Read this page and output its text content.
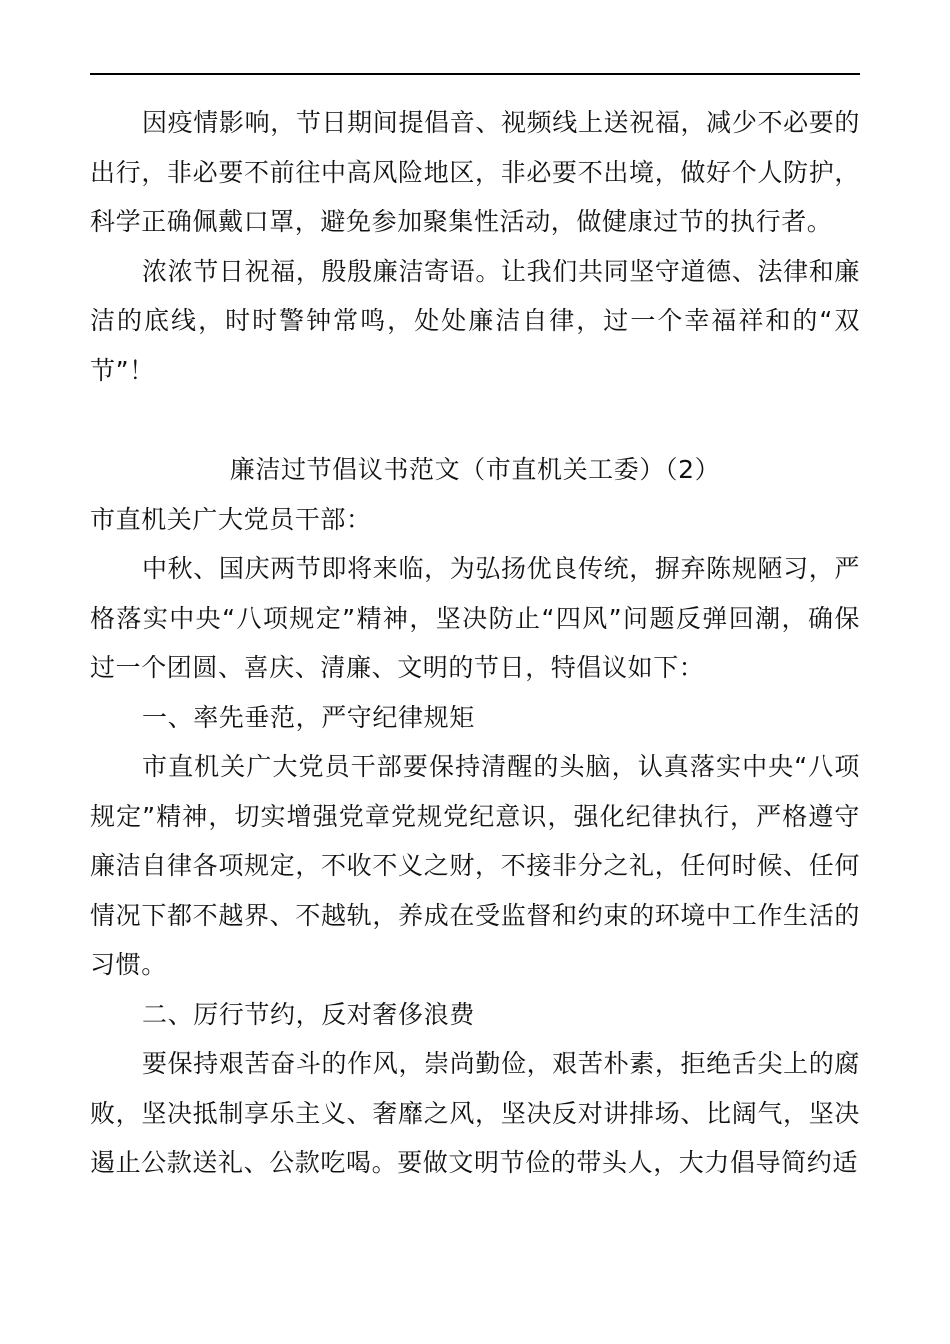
因疫情影响，节日期间提倡音、视频线上送祝福，减少不必要的出行，非必要不前往中高风险地区，非必要不出境，做好个人防护，科学正确佩戴口罩，避免参加聚集性活动，做健康过节的执行者。

浓浓节日祝福，殷殷廉洁寄语。让我们共同坚守道德、法律和廉洁的底线，时时警钟常鸣，处处廉洁自律，过一个幸福祥和的“双节”！

廉洁过节倡议书范文（市直机关工委）（2）

市直机关广大党员干部：

中秋、国庆两节即将来临，为弘扬优良传统，摒弃陈规陋习，严格落实中央“八项规定”精神，坚决防止“四风”问题反弹回潮，确保过一个团圆、喜庆、清廉、文明的节日，特倡议如下：

一、率先垂范，严守纪律规矩

市直机关广大党员干部要保持清醒的头脑，认真落实中央“八项规定”精神，切实增强党章党规党纪意识，强化纪律执行，严格遵守廉洁自律各项规定，不收不义之财，不接非分之礼，任何时候、任何情况下都不越界、不越轨，养成在受监督和约束的环境中工作生活的习惯。

二、厉行节约，反对奢侈浪费

要保持艰苦奋斗的作风，崇尚勤俭，艰苦朴素，拒绝舌尖上的腐败，坚决抵制享乐主义、奢靡之风，坚决反对讲排场、比阔气，坚决遏止公款送礼、公款吃喝。要做文明节俭的带头人，大力倡导简约适
